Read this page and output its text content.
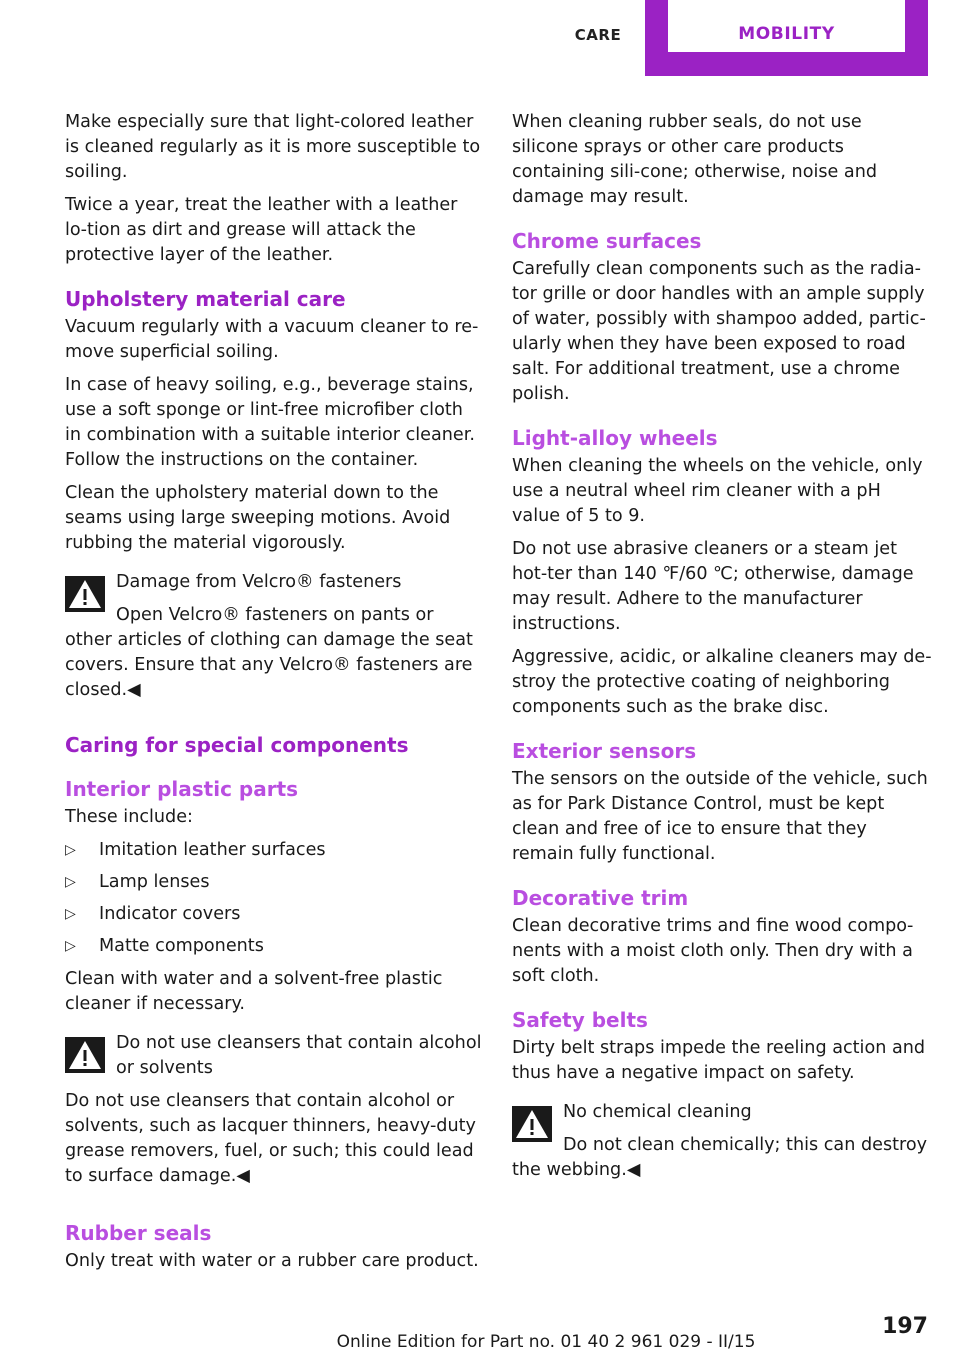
CARE	MOBILITY

Make especially sure that light-colored leather is cleaned regularly as it is more susceptible to soiling.

Twice a year, treat the leather with a leather lo‐tion as dirt and grease will attack the protective layer of the leather.

Upholstery material care

Vacuum regularly with a vacuum cleaner to re‐move superficial soiling.

In case of heavy soiling, e.g., beverage stains, use a soft sponge or lint-free microfiber cloth in combination with a suitable interior cleaner. Follow the instructions on the container.

Clean the upholstery material down to the seams using large sweeping motions. Avoid rubbing the material vigorously.

Damage from Velcro® fasteners

Open Velcro® fasteners on pants or other articles of clothing can damage the seat covers. Ensure that any Velcro® fasteners are closed.◀

Caring for special components
Interior plastic parts

These include:

▷ Imitation leather surfaces
▷ Lamp lenses
▷ Indicator covers
▷ Matte components

Clean with water and a solvent-free plastic cleaner if necessary.

Do not use cleansers that contain alcohol or solvents

Do not use cleansers that contain alcohol or solvents, such as lacquer thinners, heavy-duty grease removers, fuel, or such; this could lead to surface damage.◀

Rubber seals

Only treat with water or a rubber care product.

When cleaning rubber seals, do not use silicone sprays or other care products containing sili‐cone; otherwise, noise and damage may result.

Chrome surfaces

Carefully clean components such as the radia‐tor grille or door handles with an ample supply of water, possibly with shampoo added, partic‐ularly when they have been exposed to road salt. For additional treatment, use a chrome polish.

Light-alloy wheels

When cleaning the wheels on the vehicle, only use a neutral wheel rim cleaner with a pH value of 5 to 9.

Do not use abrasive cleaners or a steam jet hot‐ter than 140 ℉/60 ℃; otherwise, damage may result. Adhere to the manufacturer instructions.

Aggressive, acidic, or alkaline cleaners may de‐stroy the protective coating of neighboring components such as the brake disc.

Exterior sensors

The sensors on the outside of the vehicle, such as for Park Distance Control, must be kept clean and free of ice to ensure that they remain fully functional.

Decorative trim

Clean decorative trims and fine wood compo‐nents with a moist cloth only. Then dry with a soft cloth.

Safety belts

Dirty belt straps impede the reeling action and thus have a negative impact on safety.

No chemical cleaning

Do not clean chemically; this can destroy the webbing.◀

197
Online Edition for Part no. 01 40 2 961 029 - II/15
